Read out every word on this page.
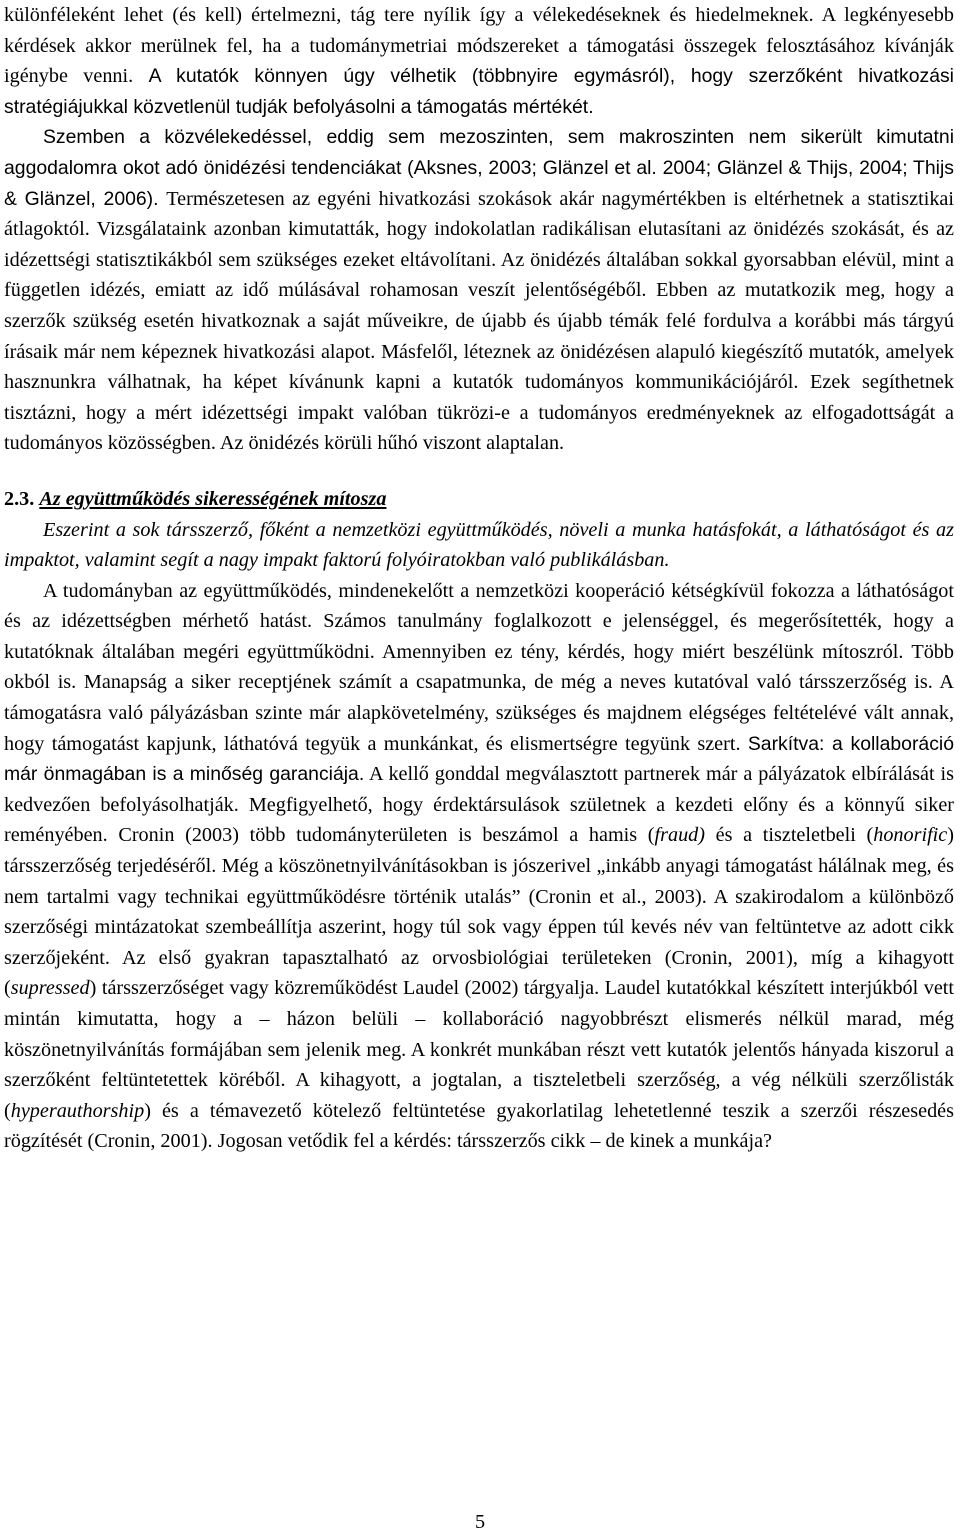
különféleként lehet (és kell) értelmezni, tág tere nyílik így a vélekedéseknek és hiedelmeknek. A legkényesebb kérdések akkor merülnek fel, ha a tudománymetriai módszereket a támogatási összegek felosztásához kívánják igénybe venni. A kutatók könnyen úgy vélhetik (többnyire egymásról), hogy szerzőként hivatkozási stratégiájukkal közvetlenül tudják befolyásolni a támogatás mértékét.

Szemben a közvélekedéssel, eddig sem mezoszinten, sem makroszinten nem sikerült kimutatni aggodalomra okot adó önidézési tendenciákat (Aksnes, 2003; Glänzel et al. 2004; Glänzel & Thijs, 2004; Thijs & Glänzel, 2006). Természetesen az egyéni hivatkozási szokások akár nagymértékben is eltérhetnek a statisztikai átlagoktól. Vizsgálataink azonban kimutatták, hogy indokolatlan radikálisan elutasítani az önidézés szokását, és az idézettségi statisztikákból sem szükséges ezeket eltávolítani. Az önidézés általában sokkal gyorsabban elévül, mint a független idézés, emiatt az idő múlásával rohamosan veszít jelentőségéből. Ebben az mutatkozik meg, hogy a szerzők szükség esetén hivatkoznak a saját műveikre, de újabb és újabb témák felé fordulva a korábbi más tárgyú írásaik már nem képeznek hivatkozási alapot. Másfelől, léteznek az önidézésen alapuló kiegészítő mutatók, amelyek hasznunkra válhatnak, ha képet kívánunk kapni a kutatók tudományos kommunikációjáról. Ezek segíthetnek tisztázni, hogy a mért idézettségi impakt valóban tükrözi-e a tudományos eredményeknek az elfogadottságát a tudományos közösségben. Az önidézés körüli hűhó viszont alaptalan.

2.3. Az együttműködés sikerességének mítosza

Eszerint a sok társszerző, főként a nemzetközi együttműködés, növeli a munka hatásfokát, a láthatóságot és az impaktot, valamint segít a nagy impakt faktorú folyóiratokban való publikálásban.

A tudományban az együttműködés, mindenekelőtt a nemzetközi kooperáció kétségkívül fokozza a láthatóságot és az idézettségben mérhető hatást. Számos tanulmány foglalkozott e jelenséggel, és megerősítették, hogy a kutatóknak általában megéri együttműködni. Amennyiben ez tény, kérdés, hogy miért beszélünk mítoszról. Több okból is. Manapság a siker receptjének számít a csapatmunka, de még a neves kutatóval való társszerzőség is. A támogatásra való pályázásban szinte már alapkövetelmény, szükséges és majdnem elégséges feltételévé vált annak, hogy támogatást kapjunk, láthatóvá tegyük a munkánkat, és elismertségre tegyünk szert. Sarkítva: a kollaboráció már önmagában is a minőség garanciája. A kellő gonddal megválasztott partnerek már a pályázatok elbírálását is kedvezően befolyásolhatják. Megfigyelhető, hogy érdektársulások születnek a kezdeti előny és a könnyű siker reményében. Cronin (2003) több tudományterületen is beszámol a hamis (fraud) és a tiszteletbeli (honorific) társszerzőség terjedéséről. Még a köszönetnyilvánításokban is jószerivel „inkább anyagi támogatást hálálnak meg, és nem tartalmi vagy technikai együttműködésre történik utalás” (Cronin et al., 2003). A szakirodalom a különböző szerzőségi mintázatokat szembeállítja aszerint, hogy túl sok vagy éppen túl kevés név van feltüntetve az adott cikk szerzőjeként. Az első gyakran tapasztalható az orvosbiológiai területeken (Cronin, 2001), míg a kihagyott (supressed) társszerzőséget vagy közreműködést Laudel (2002) tárgyalja. Laudel kutatókkal készített interjúkból vett mintán kimutatta, hogy a – házon belüli – kollaboráció nagyobbrészt elismerés nélkül marad, még köszönetnyilvánítás formájában sem jelenik meg. A konkrét munkában részt vett kutatók jelentős hányada kiszorul a szerzőként feltüntetettek köréből. A kihagyott, a jogtalan, a tiszteletbeli szerzőség, a vég nélküli szerzőlisták (hyperauthorship) és a témavezető kötelező feltüntetése gyakorlatilag lehetetlenné teszik a szerzői részesedés rögzítését (Cronin, 2001). Jogosan vetődik fel a kérdés: társszerzős cikk – de kinek a munkája?

5
